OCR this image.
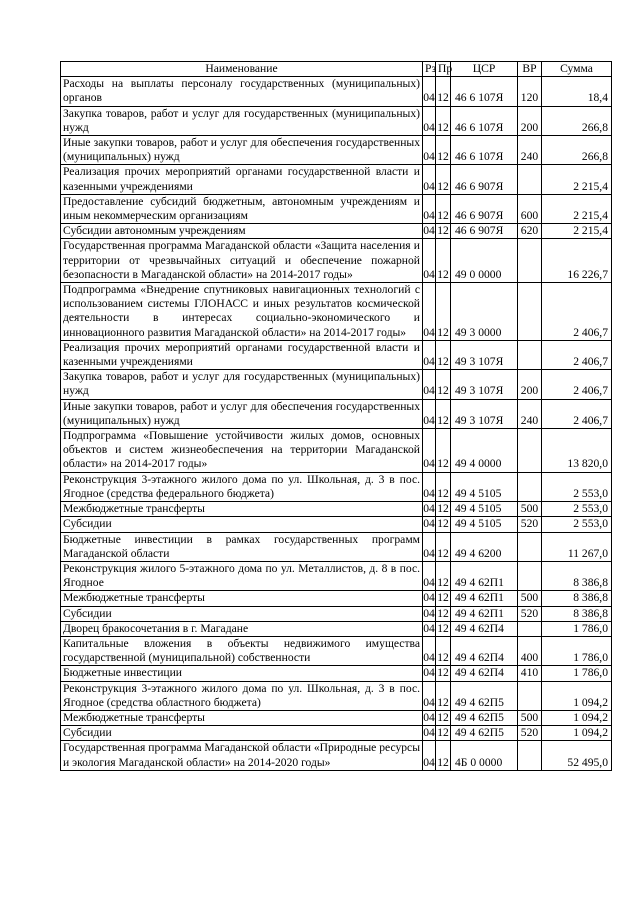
Наименование	Рз	Пр	ЦСР	ВР	Сумма
Расходы на выплаты персоналу государственных (муниципальных) органов	04	12	46 6 107Я	120	18,4
Закупка товаров, работ и услуг для государственных (муниципальных) нужд	04	12	46 6 107Я	200	266,8
Иные закупки товаров, работ и услуг для обеспечения государственных (муниципальных) нужд	04	12	46 6 107Я	240	266,8
Реализация прочих мероприятий органами государственной власти и казенными учреждениями	04	12	46 6 907Я		2 215,4
Предоставление субсидий бюджетным, автономным учреждениям и иным некоммерческим организациям	04	12	46 6 907Я	600	2 215,4
Субсидии автономным учреждениям	04	12	46 6 907Я	620	2 215,4
Государственная программа Магаданской области «Защита населения и территории от чрезвычайных ситуаций и обеспечение пожарной безопасности в Магаданской области» на 2014-2017 годы»	04	12	49 0 0000		16 226,7
Подпрограмма «Внедрение спутниковых навигационных технологий с использованием системы ГЛОНАСС и иных результатов космической деятельности в интересах социально-экономического и инновационного развития Магаданской области» на 2014-2017 годы»	04	12	49 3 0000		2 406,7
Реализация прочих мероприятий органами государственной власти и казенными учреждениями	04	12	49 3 107Я		2 406,7
Закупка товаров, работ и услуг для государственных (муниципальных) нужд	04	12	49 3 107Я	200	2 406,7
Иные закупки товаров, работ и услуг для обеспечения государственных (муниципальных) нужд	04	12	49 3 107Я	240	2 406,7
Подпрограмма «Повышение устойчивости жилых домов, основных объектов и систем жизнеобеспечения на территории Магаданской области» на 2014-2017 годы»	04	12	49 4 0000		13 820,0
Реконструкция 3-этажного жилого дома по ул. Школьная, д. 3 в пос. Ягодное (средства федерального бюджета)	04	12	49 4 5105		2 553,0
Межбюджетные трансферты	04	12	49 4 5105	500	2 553,0
Субсидии	04	12	49 4 5105	520	2 553,0
Бюджетные инвестиции в рамках государственных программ Магаданской области	04	12	49 4 6200		11 267,0
Реконструкция жилого 5-этажного дома по ул. Металлистов, д. 8 в пос. Ягодное	04	12	49 4 62П1		8 386,8
Межбюджетные трансферты	04	12	49 4 62П1	500	8 386,8
Субсидии	04	12	49 4 62П1	520	8 386,8
Дворец бракосочетания в г. Магадане	04	12	49 4 62П4		1 786,0
Капитальные вложения в объекты недвижимого имущества государственной (муниципальной) собственности	04	12	49 4 62П4	400	1 786,0
Бюджетные инвестиции	04	12	49 4 62П4	410	1 786,0
Реконструкция 3-этажного жилого дома по ул. Школьная, д. 3 в пос. Ягодное (средства областного бюджета)	04	12	49 4 62П5		1 094,2
Межбюджетные трансферты	04	12	49 4 62П5	500	1 094,2
Субсидии	04	12	49 4 62П5	520	1 094,2
Государственная программа Магаданской области «Природные ресурсы и экология Магаданской области» на 2014-2020 годы»	04	12	4Б 0 0000		52 495,0
